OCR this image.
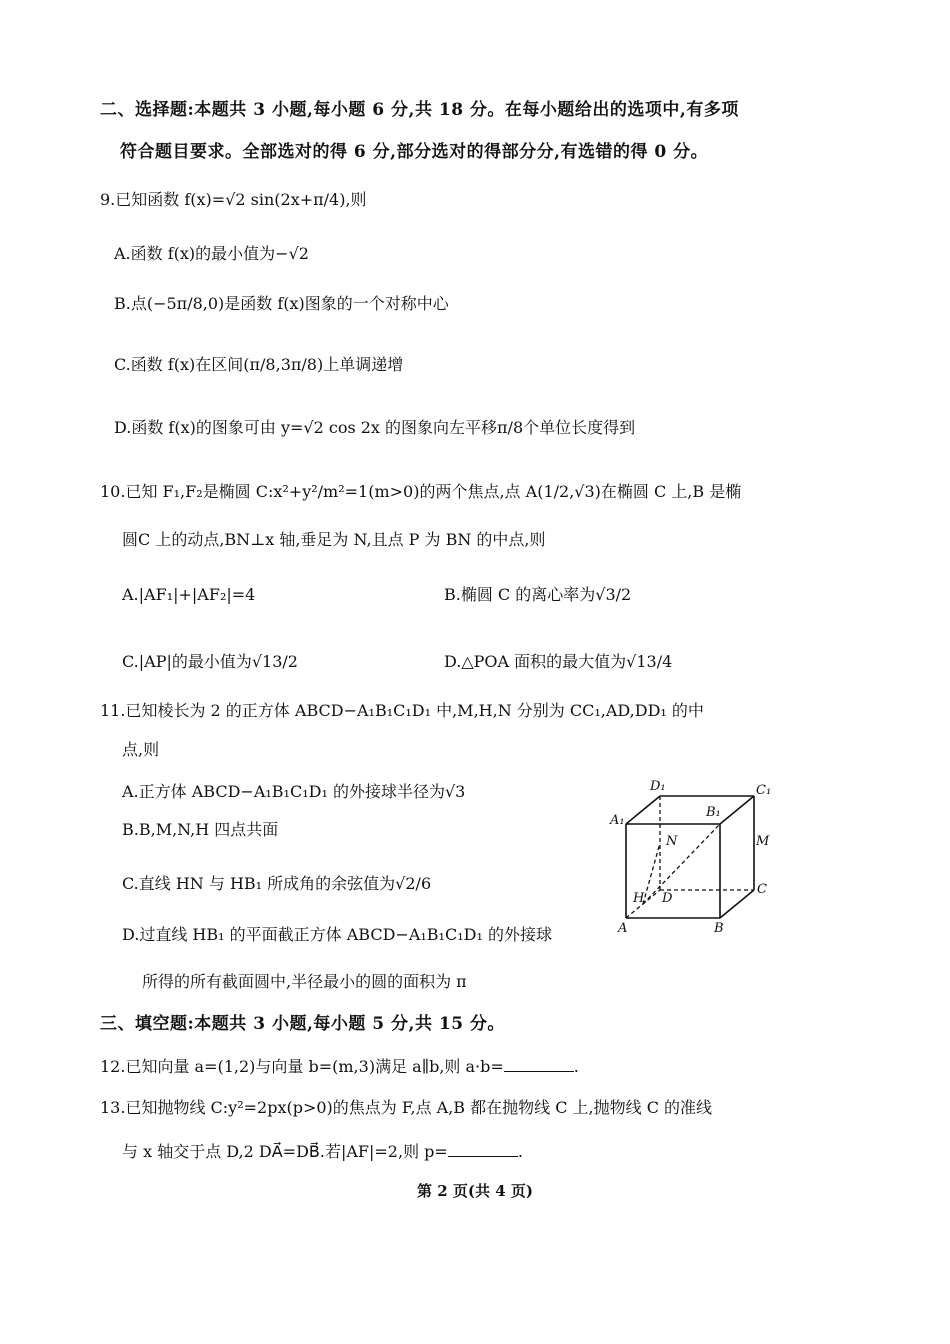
二、选择题:本题共 3 小题,每小题 6 分,共 18 分。在每小题给出的选项中,有多项
符合题目要求。全部选对的得 6 分,部分选对的得部分分,有选错的得 0 分。
9.已知函数 f(x)=√2 sin(2x+π/4),则
A.函数 f(x)的最小值为−√2
B.点(−5π/8,0)是函数 f(x)图象的一个对称中心
C.函数 f(x)在区间(π/8,3π/8)上单调递增
D.函数 f(x)的图象可由 y=√2 cos 2x 的图象向左平移π/8个单位长度得到
10.已知 F₁,F₂是椭圆 C:x²+y²/m²=1(m>0)的两个焦点,点 A(1/2,√3)在椭圆 C 上,B 是椭
圆C 上的动点,BN⊥x 轴,垂足为 N,且点 P 为 BN 的中点,则
A.|AF₁|+|AF₂|=4	B.椭圆 C 的离心率为√3/2
C.|AP|的最小值为√13/2	D.△POA 面积的最大值为√13/4
11.已知棱长为 2 的正方体 ABCD−A₁B₁C₁D₁ 中,M,H,N 分别为 CC₁,AD,DD₁ 的中
点,则
A.正方体 ABCD−A₁B₁C₁D₁ 的外接球半径为√3
B.B,M,N,H 四点共面
C.直线 HN 与 HB₁ 所成角的余弦值为√2/6
D.过直线 HB₁ 的平面截正方体 ABCD−A₁B₁C₁D₁ 的外接球
所得的所有截面圆中,半径最小的圆的面积为 π
D₁	C₁
A₁
B₁
N	M
H D
C
A	B
三、填空题:本题共 3 小题,每小题 5 分,共 15 分。
12.已知向量 a=(1,2)与向量 b=(m,3)满足 a∥b,则 a·b=	.
13.已知抛物线 C:y²=2px(p>0)的焦点为 F,点 A,B 都在抛物线 C 上,抛物线 C 的准线
与 x 轴交于点 D,2 DA⃗=DB⃗.若|AF|=2,则 p=	.
第 2 页(共 4 页)
